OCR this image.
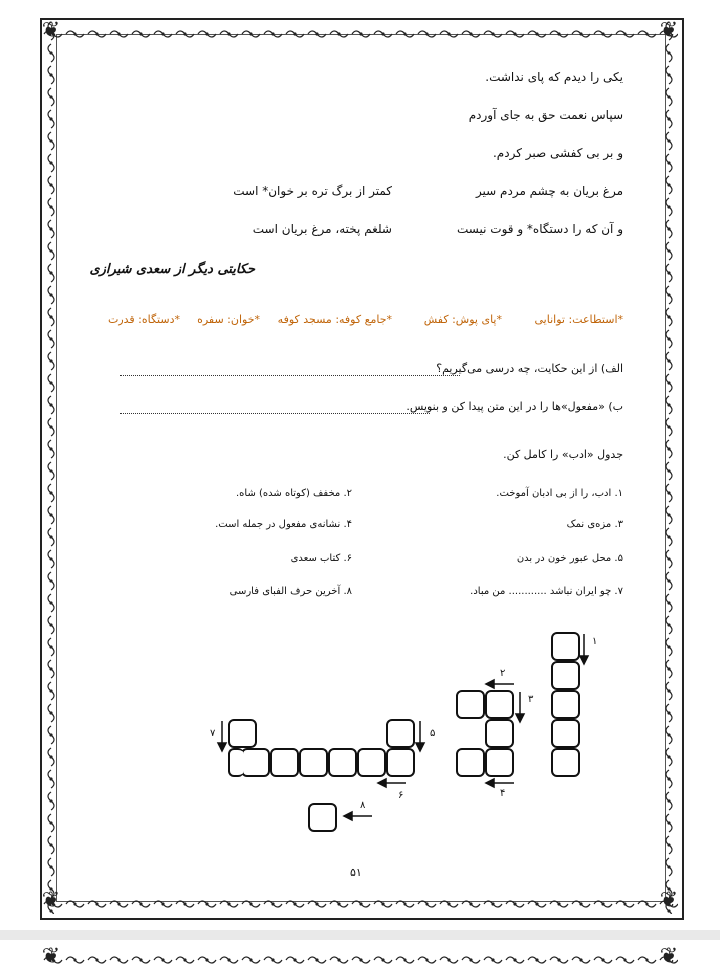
❦	❦
❦	❦
یکی را دیدم که پای نداشت.
سپاس نعمت حق به جای آوردم
و بر بی کفشی صبر کردم.
مرغ بریان به چشم مردم سیر
کمتر از برگ تره بر خوان* است
و آن که را دستگاه* و قوت نیست
شلغم پخته، مرغ بریان است
حکایتی دیگر از سعدی شیرازی
*استطاعت: توانایی
*پای پوش: کفش
*جامع کوفه: مسجد کوفه
*خوان: سفره
*دستگاه: قدرت
الف) از این حکایت، چه درسی می‌گیریم؟
ب) «مفعول»ها را در این متن پیدا کن و بنویس.
جدول «ادب» را کامل کن.
۱. ادب، را از بی ادبان آموخت.
۲. مخفف (کوتاه شده) شاه.
۳. مزه‌ی نمک
۴. نشانه‌ی مفعول در جمله است.
۵. محل عبور خون در بدن
۶. کتاب سعدی
۷. چو ایران نباشد ............ من مباد.
۸. آخرین حرف الفبای فارسی
۱
۲
۳
۴
۵
۶
۷
۸
۵۱
❦	❦
